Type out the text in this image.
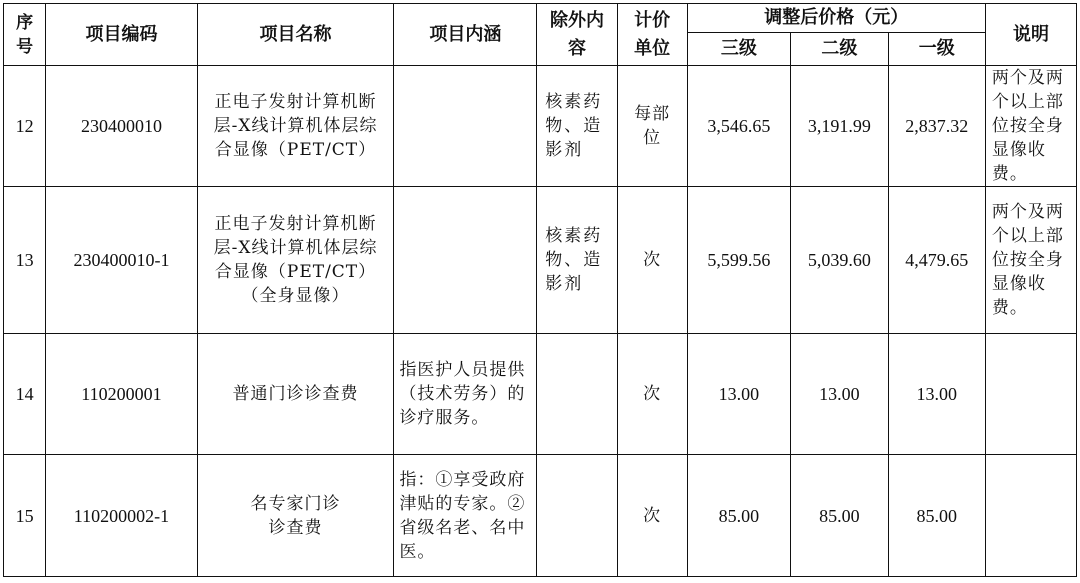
序号	项目编码	项目名称	项目内涵	除外内容	计价单位	调整后价格（元）			说明
						三级	二级	一级	
12	230400010	正电子发射计算机断层-X线计算机体层综合显像（PET/CT）		核素药物、造影剂	每部位	3,546.65	3,191.99	2,837.32	两个及两个以上部位按全身显像收费。
13	230400010-1	正电子发射计算机断层-X线计算机体层综合显像（PET/CT）（全身显像）		核素药物、造影剂	次	5,599.56	5,039.60	4,479.65	两个及两个以上部位按全身显像收费。
14	110200001	普通门诊诊查费	指医护人员提供（技术劳务）的诊疗服务。		次	13.00	13.00	13.00	
15	110200002-1	名专家门诊诊查费	指：①享受政府津贴的专家。②省级名老、名中医。		次	85.00	85.00	85.00	
